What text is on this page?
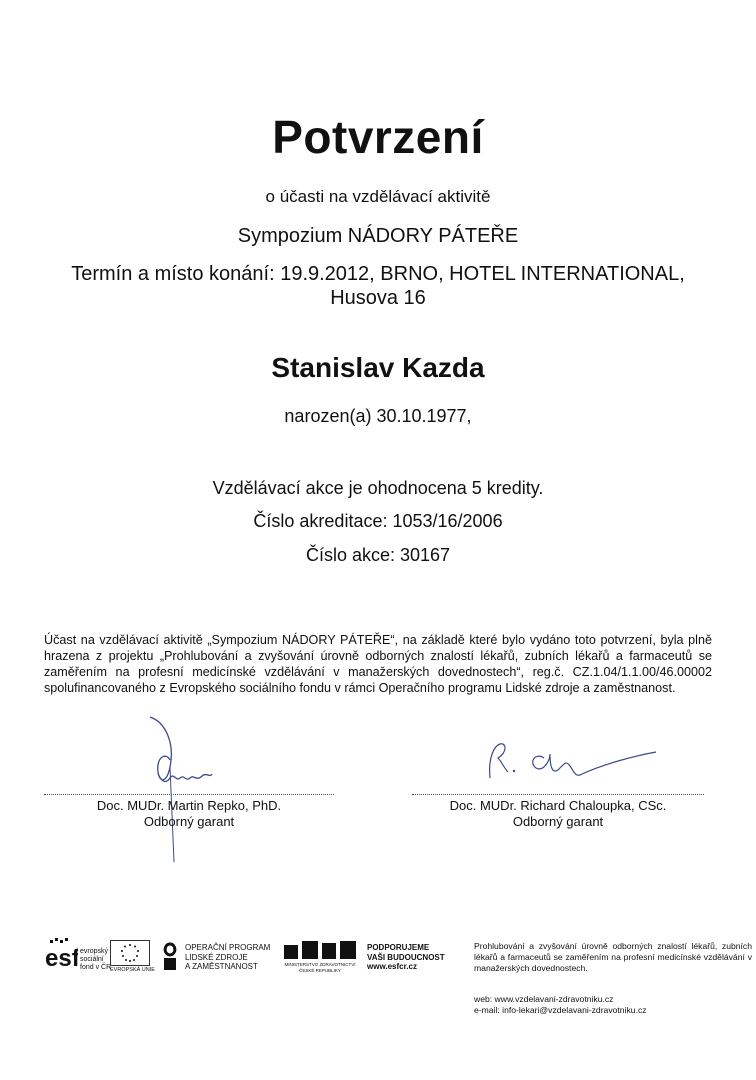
Potvrzení
o účasti na vzdělávací aktivitě
Sympozium NÁDORY PÁTEŘE
Termín a místo konání: 19.9.2012, BRNO, HOTEL INTERNATIONAL,
Husova 16
Stanislav Kazda
narozen(a) 30.10.1977,
Vzdělávací akce je ohodnocena 5 kredity.
Číslo akreditace: 1053/16/2006
Číslo akce: 30167
Účast na vzdělávací aktivitě „Sympozium NÁDORY PÁTEŘE“, na základě které bylo vydáno toto potvrzení, byla plně hrazena z projektu „Prohlubování a zvyšování úrovně odborných znalostí lékařů, zubních lékařů a farmaceutů se zaměřením na profesní medicínské vzdělávání v manažerských dovednostech“, reg.č. CZ.1.04/1.1.00/46.00002 spolufinancovaného z Evropského sociálního fondu v rámci Operačního programu Lidské zdroje a zaměstnanost.
Doc. MUDr. Martin Repko, PhD.
Odborný garant
Doc. MUDr. Richard Chaloupka, CSc.
Odborný garant
esf evropský
sociální
fond v ČR
EVROPSKÁ UNIE
OPERAČNÍ PROGRAM
LIDSKÉ ZDROJE
A ZAMĚSTNANOST	MINISTERSTVO ZDRAVOTNICTVÍ
ČESKÉ REPUBLIKY
PODPORUJEME
VAŠI BUDOUCNOST
www.esfcr.cz
Prohlubování a zvyšování úrovně odborných znalostí lékařů, zubních lékařů a farmaceutů se zaměřením na profesní medicínské vzdělávání v manažerských dovednostech.
web: www.vzdelavani-zdravotniku.cz
e-mail: info-lekari@vzdelavani-zdravotniku.cz
